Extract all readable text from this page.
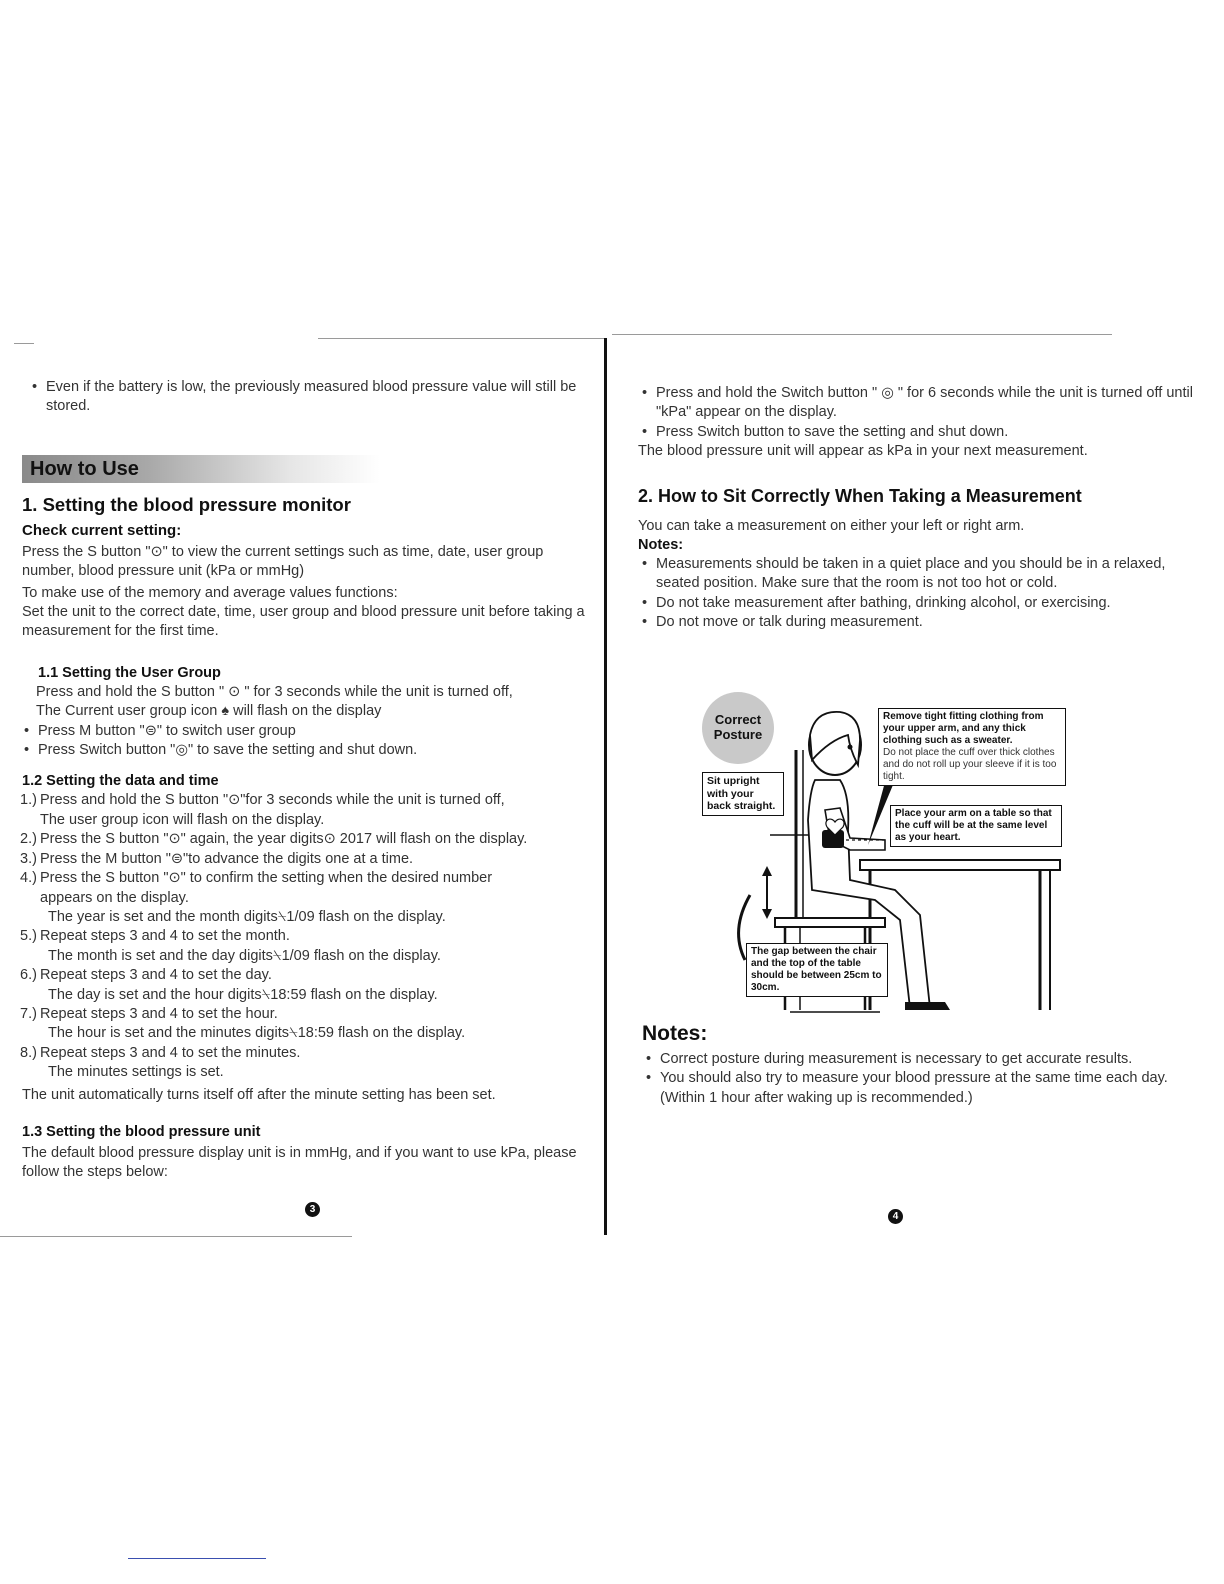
• Even if the battery is low, the previously measured blood pressure value will still be stored.

How to Use

1. Setting the blood pressure monitor

Check current setting:

Press the S button "⊙" to view the current settings such as time, date, user group number, blood pressure unit (kPa or mmHg)

To make use of the memory and average values functions:

Set the unit to the correct date, time, user group and blood pressure unit before taking a measurement for the first time.

1.1 Setting the User Group

Press and hold the S button " ⊙ " for 3 seconds while the unit is turned off,

The Current user group icon ♠ will flash on the display

• Press M button "⊜" to switch user group

• Press Switch button "◎" to save the setting and shut down.

1.2 Setting the data and time

1.) Press and hold the S button "⊙"for 3 seconds while the unit is turned off,
The user group icon will flash on the display.
2.) Press the S button "⊙" again, the year digits⊙ 2017 will flash on the display.
3.) Press the M button "⊜"to advance the digits one at a time.
4.) Press the S button "⊙" to confirm the setting when the desired number
appears on the display.
The year is set and the month digits⍀1/09 flash on the display.
5.) Repeat steps 3 and 4 to set the month.
The month is set and the day digits⍀1/09 flash on the display.
6.) Repeat steps 3 and 4 to set the day.
The day is set and the hour digits⍀18:59 flash on the display.
7.) Repeat steps 3 and 4 to set the hour.
The hour is set and the minutes digits⍀18:59 flash on the display.
8.) Repeat steps 3 and 4 to set the minutes.
The minutes settings is set.

The unit automatically turns itself off after the minute setting has been set.

1.3 Setting the blood pressure unit

The default blood pressure display unit is in mmHg, and if you want to use kPa, please follow the steps below:

3

• Press and hold the Switch button " ◎ " for 6 seconds while the unit is turned off until "kPa" appear on the display.

• Press Switch button to save the setting and shut down.

The blood pressure unit will appear as kPa in your next measurement.

2. How to Sit Correctly When Taking a Measurement

You can take a measurement on either your left or right arm.

Notes:

• Measurements should be taken in a quiet place and you should be in a relaxed, seated position. Make sure that the room is not too hot or cold.

• Do not take measurement after bathing, drinking alcohol, or exercising.

• Do not move or talk during measurement.

Correct
Posture
Sit upright with your back straight.
Remove tight fitting clothing from your upper arm, and any thick clothing such as a sweater.
Do not place the cuff over thick clothes and do not roll up your sleeve if it is too tight.
Place your arm on a table so that the cuff will be at the same level as your heart.
The gap between the chair and the top of the table should be between 25cm to 30cm.

Notes:

• Correct posture during measurement is necessary to get accurate results.

• You should also try to measure your blood pressure at the same time each day. (Within 1 hour after waking up is recommended.)

4
